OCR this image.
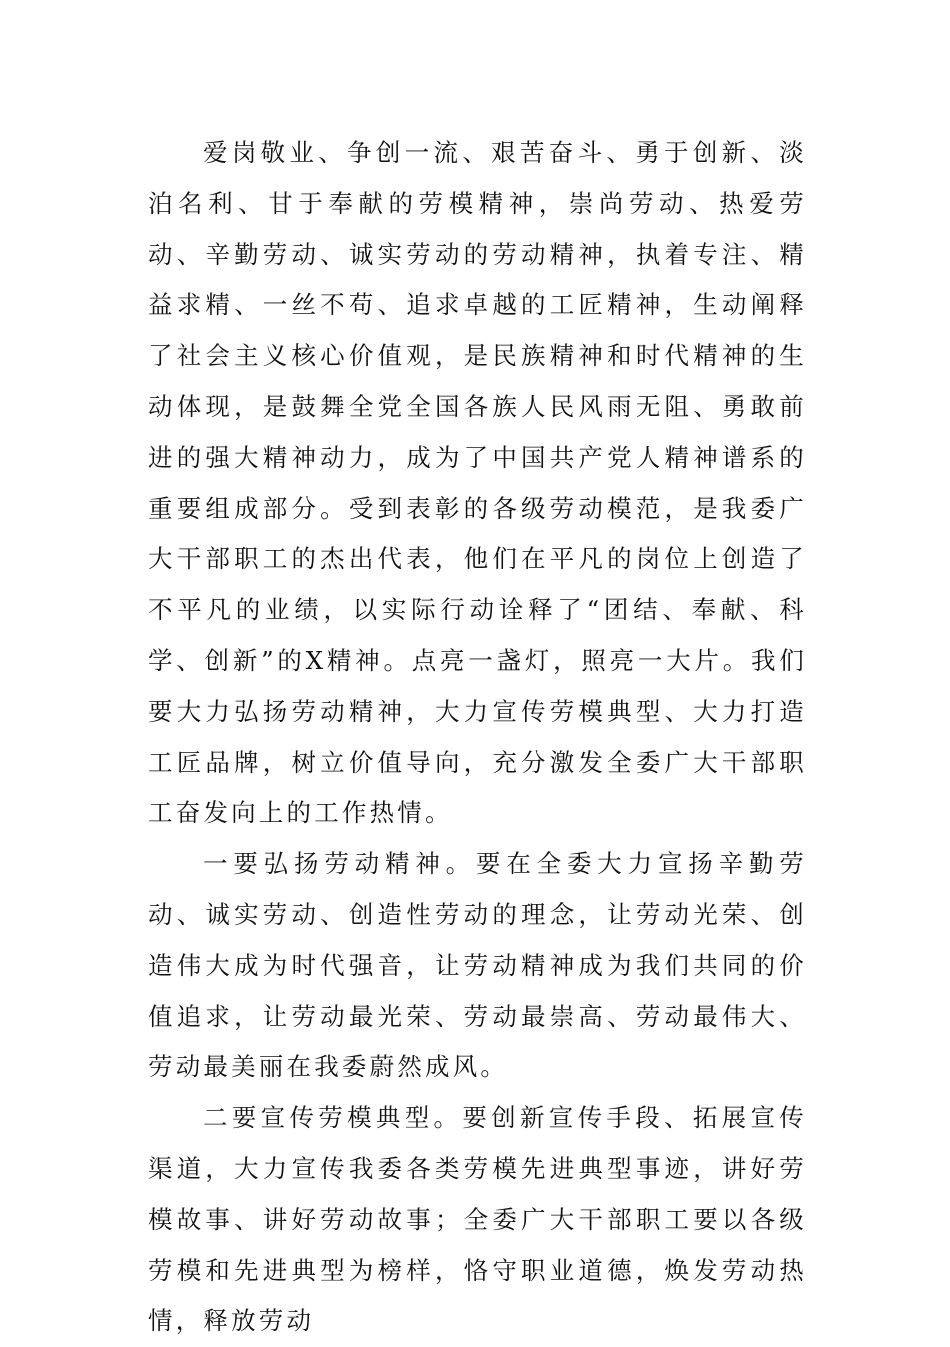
爱岗敬业、争创一流、艰苦奋斗、勇于创新、淡泊名利、甘于奉献的劳模精神，崇尚劳动、热爱劳动、辛勤劳动、诚实劳动的劳动精神，执着专注、精益求精、一丝不苟、追求卓越的工匠精神，生动阐释了社会主义核心价值观，是民族精神和时代精神的生动体现，是鼓舞全党全国各族人民风雨无阻、勇敢前进的强大精神动力，成为了中国共产党人精神谱系的重要组成部分。受到表彰的各级劳动模范，是我委广大干部职工的杰出代表，他们在平凡的岗位上创造了不平凡的业绩，以实际行动诠释了“团结、奉献、科学、创新”的X精神。点亮一盏灯，照亮一大片。我们要大力弘扬劳动精神，大力宣传劳模典型、大力打造工匠品牌，树立价值导向，充分激发全委广大干部职工奋发向上的工作热情。

一要弘扬劳动精神。要在全委大力宣扬辛勤劳动、诚实劳动、创造性劳动的理念，让劳动光荣、创造伟大成为时代强音，让劳动精神成为我们共同的价值追求，让劳动最光荣、劳动最崇高、劳动最伟大、劳动最美丽在我委蔚然成风。

二要宣传劳模典型。要创新宣传手段、拓展宣传渠道，大力宣传我委各类劳模先进典型事迹，讲好劳模故事、讲好劳动故事；全委广大干部职工要以各级劳模和先进典型为榜样，恪守职业道德，焕发劳动热情，释放劳动
